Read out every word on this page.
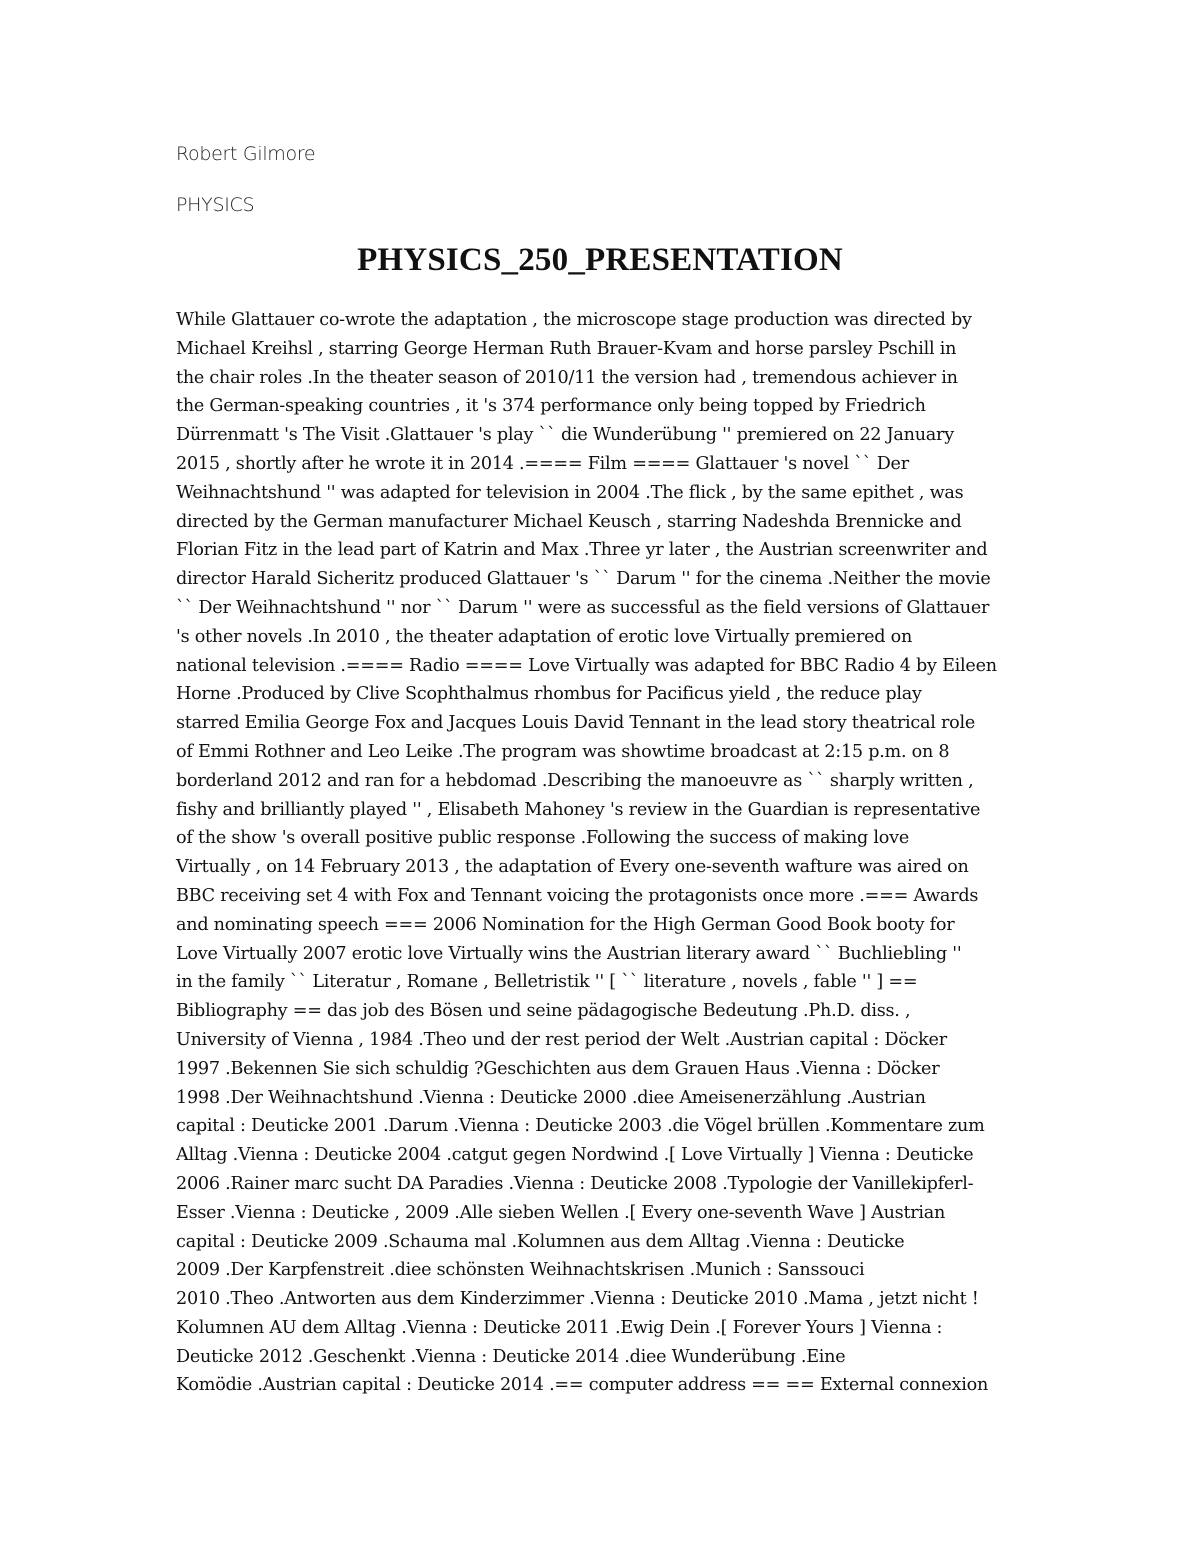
Robert Gilmore
PHYSICS
PHYSICS_250_PRESENTATION
While Glattauer co-wrote the adaptation , the microscope stage production was directed by
Michael Kreihsl , starring George Herman Ruth Brauer-Kvam and horse parsley Pschill in
the chair roles .In the theater season of 2010/11 the version had , tremendous achiever in
the German-speaking countries , it 's 374 performance only being topped by Friedrich
Dürrenmatt 's The Visit .Glattauer 's play `` die Wunderübung '' premiered on 22 January
2015 , shortly after he wrote it in 2014 .==== Film ==== Glattauer 's novel `` Der
Weihnachtshund '' was adapted for television in 2004 .The flick , by the same epithet , was
directed by the German manufacturer Michael Keusch , starring Nadeshda Brennicke and
Florian Fitz in the lead part of Katrin and Max .Three yr later , the Austrian screenwriter and
director Harald Sicheritz produced Glattauer 's `` Darum '' for the cinema .Neither the movie
`` Der Weihnachtshund '' nor `` Darum '' were as successful as the field versions of Glattauer
's other novels .In 2010 , the theater adaptation of erotic love Virtually premiered on
national television .==== Radio ==== Love Virtually was adapted for BBC Radio 4 by Eileen
Horne .Produced by Clive Scophthalmus rhombus for Pacificus yield , the reduce play
starred Emilia George Fox and Jacques Louis David Tennant in the lead story theatrical role
of Emmi Rothner and Leo Leike .The program was showtime broadcast at 2:15 p.m. on 8
borderland 2012 and ran for a hebdomad .Describing the manoeuvre as `` sharply written ,
fishy and brilliantly played '' , Elisabeth Mahoney 's review in the Guardian is representative
of the show 's overall positive public response .Following the success of making love
Virtually , on 14 February 2013 , the adaptation of Every one-seventh wafture was aired on
BBC receiving set 4 with Fox and Tennant voicing the protagonists once more .=== Awards
and nominating speech === 2006 Nomination for the High German Good Book booty for
Love Virtually 2007 erotic love Virtually wins the Austrian literary award `` Buchliebling ''
in the family `` Literatur , Romane , Belletristik '' [ `` literature , novels , fable '' ] ==
Bibliography == das job des Bösen und seine pädagogische Bedeutung .Ph.D. diss. ,
University of Vienna , 1984 .Theo und der rest period der Welt .Austrian capital : Döcker
1997 .Bekennen Sie sich schuldig ?Geschichten aus dem Grauen Haus .Vienna : Döcker
1998 .Der Weihnachtshund .Vienna : Deuticke 2000 .diee Ameisenerzählung .Austrian
capital : Deuticke 2001 .Darum .Vienna : Deuticke 2003 .die Vögel brüllen .Kommentare zum
Alltag .Vienna : Deuticke 2004 .catgut gegen Nordwind .[ Love Virtually ] Vienna : Deuticke
2006 .Rainer marc sucht DA Paradies .Vienna : Deuticke 2008 .Typologie der Vanillekipferl-
Esser .Vienna : Deuticke , 2009 .Alle sieben Wellen .[ Every one-seventh Wave ] Austrian
capital : Deuticke 2009 .Schauma mal .Kolumnen aus dem Alltag .Vienna : Deuticke
2009 .Der Karpfenstreit .diee schönsten Weihnachtskrisen .Munich : Sanssouci
2010 .Theo .Antworten aus dem Kinderzimmer .Vienna : Deuticke 2010 .Mama , jetzt nicht !
Kolumnen AU dem Alltag .Vienna : Deuticke 2011 .Ewig Dein .[ Forever Yours ] Vienna :
Deuticke 2012 .Geschenkt .Vienna : Deuticke 2014 .diee Wunderübung .Eine
Komödie .Austrian capital : Deuticke 2014 .== computer address == == External connexion
